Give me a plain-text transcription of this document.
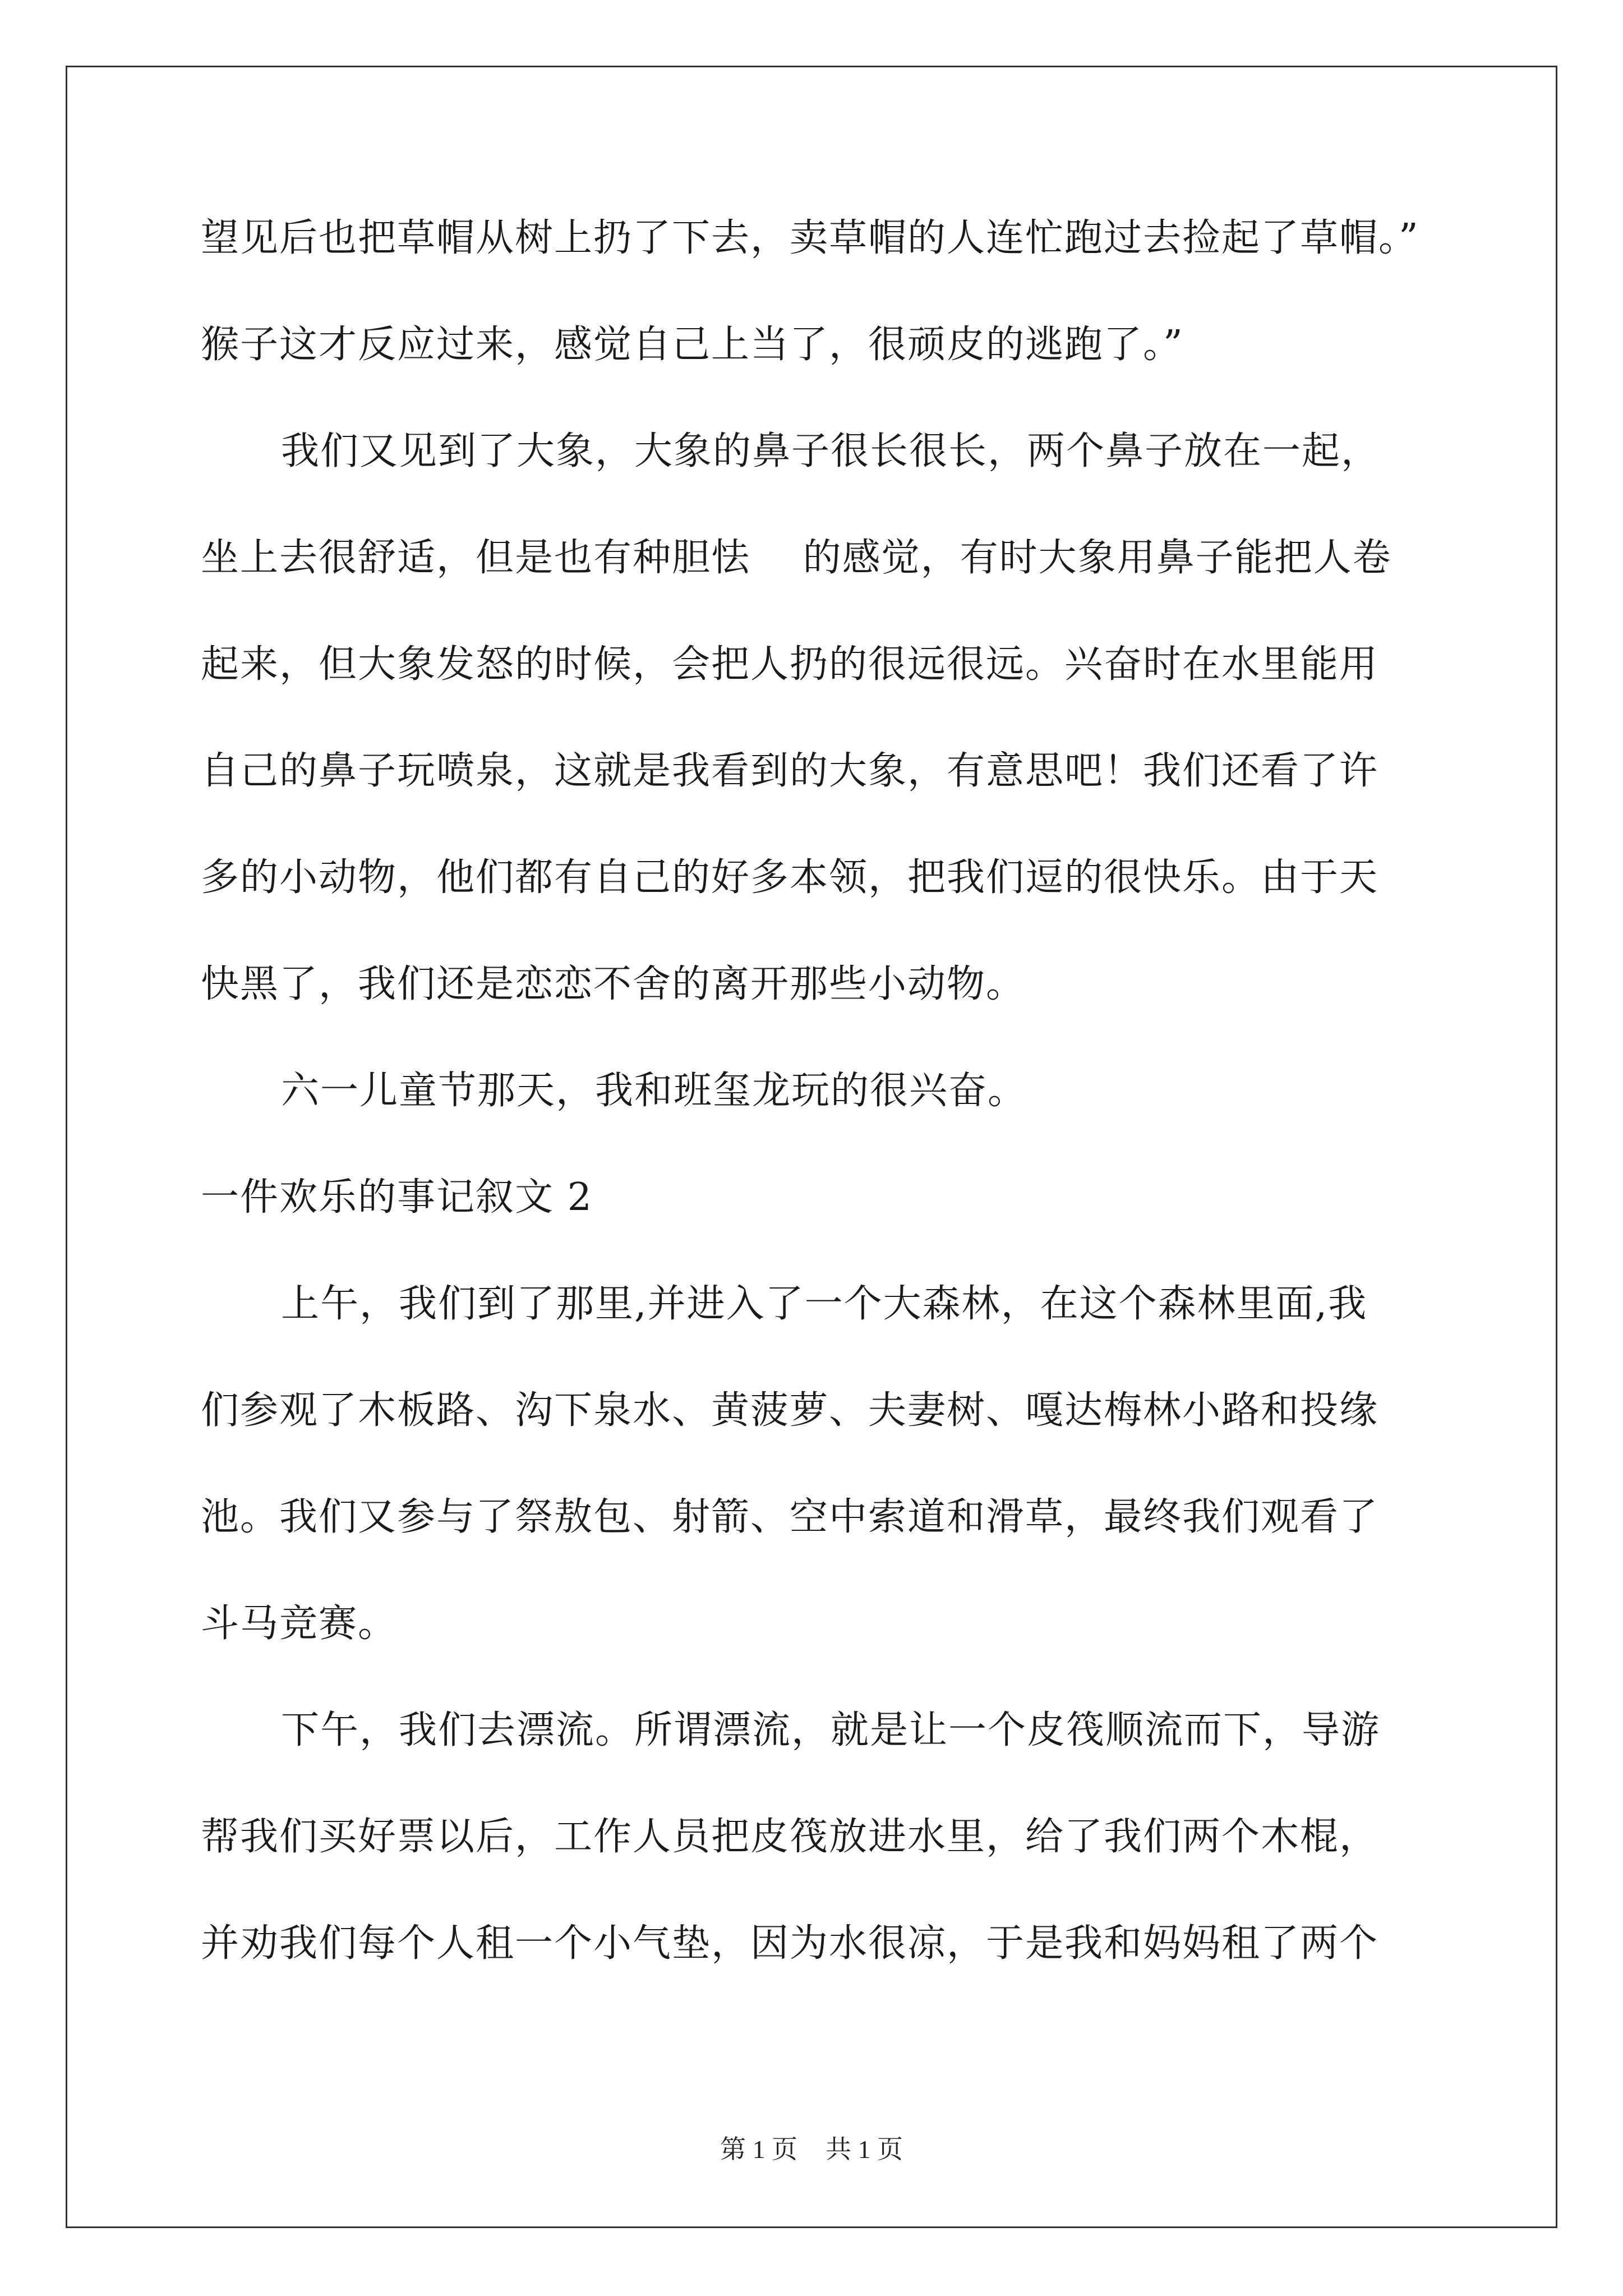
望见后也把草帽从树上扔了下去，卖草帽的人连忙跑过去捡起了草帽。”
猴子这才反应过来，感觉自己上当了，很顽皮的逃跑了。”
我们又见到了大象，大象的鼻子很长很长，两个鼻子放在一起，
坐上去很舒适，但是也有种胆怯　 的感觉，有时大象用鼻子能把人卷
起来，但大象发怒的时候，会把人扔的很远很远。兴奋时在水里能用
自己的鼻子玩喷泉，这就是我看到的大象，有意思吧！我们还看了许
多的小动物，他们都有自己的好多本领，把我们逗的很快乐。由于天
快黑了，我们还是恋恋不舍的离开那些小动物。
六一儿童节那天，我和班玺龙玩的很兴奋。
一件欢乐的事记叙文 2
上午，我们到了那里,并进入了一个大森林，在这个森林里面,我
们参观了木板路、沟下泉水、黄菠萝、夫妻树、嘎达梅林小路和投缘
池。我们又参与了祭敖包、射箭、空中索道和滑草，最终我们观看了
斗马竞赛。
下午，我们去漂流。所谓漂流，就是让一个皮筏顺流而下，导游
帮我们买好票以后，工作人员把皮筏放进水里，给了我们两个木棍，
并劝我们每个人租一个小气垫，因为水很凉，于是我和妈妈租了两个
第 1 页 共 1 页
